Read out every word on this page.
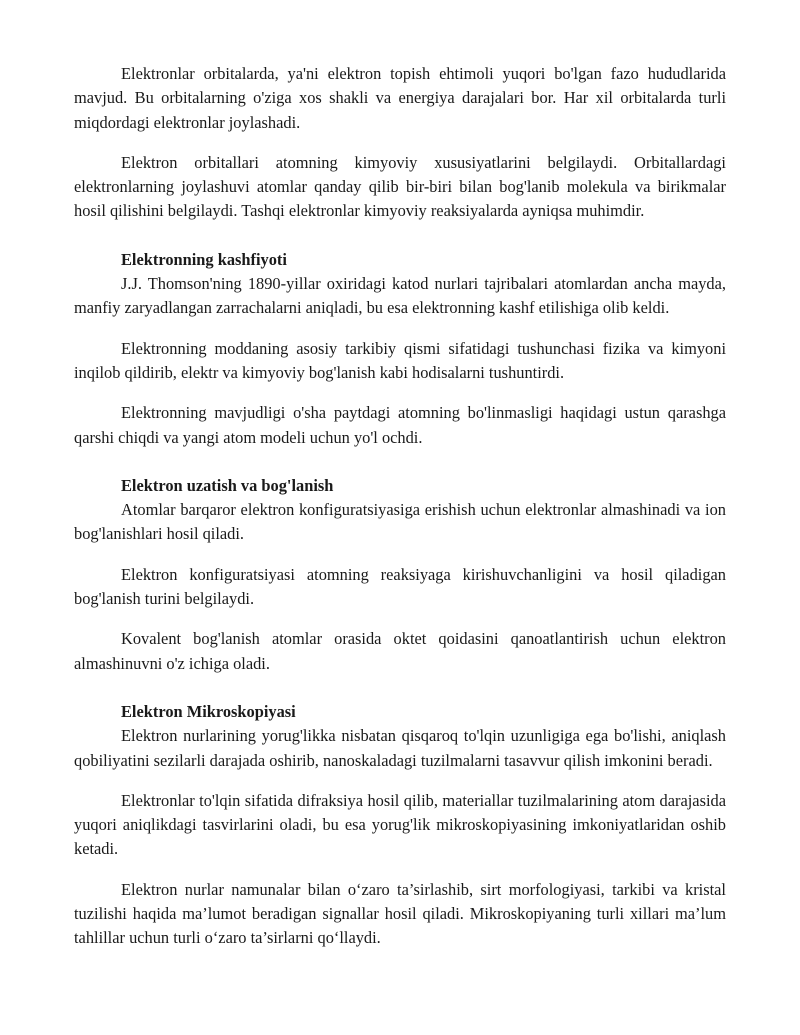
Elektronlar orbitalarda, ya'ni elektron topish ehtimoli yuqori bo'lgan fazo hududlarida mavjud. Bu orbitalarning o'ziga xos shakli va energiya darajalari bor. Har xil orbitalarda turli miqdordagi elektronlar joylashadi.

Elektron orbitallari atomning kimyoviy xususiyatlarini belgilaydi. Orbitallardagi elektronlarning joylashuvi atomlar qanday qilib bir-biri bilan bog'lanib molekula va birikmalar hosil qilishini belgilaydi. Tashqi elektronlar kimyoviy reaksiyalarda ayniqsa muhimdir.

Elektronning kashfiyoti

J.J. Thomson'ning 1890-yillar oxiridagi katod nurlari tajribalari atomlardan ancha mayda, manfiy zaryadlangan zarrachalarni aniqladi, bu esa elektronning kashf etilishiga olib keldi.

Elektronning moddaning asosiy tarkibiy qismi sifatidagi tushunchasi fizika va kimyoni inqilob qildirib, elektr va kimyoviy bog'lanish kabi hodisalarni tushuntirdi.

Elektronning mavjudligi o'sha paytdagi atomning bo'linmasligi haqidagi ustun qarashga qarshi chiqdi va yangi atom modeli uchun yo'l ochdi.

Elektron uzatish va bog'lanish

Atomlar barqaror elektron konfiguratsiyasiga erishish uchun elektronlar almashinadi va ion bog'lanishlari hosil qiladi.

Elektron konfiguratsiyasi atomning reaksiyaga kirishuvchanligini va hosil qiladigan bog'lanish turini belgilaydi.

Kovalent bog'lanish atomlar orasida oktet qoidasini qanoatlantirish uchun elektron almashinuvni o'z ichiga oladi.

Elektron Mikroskopiyasi

Elektron nurlarining yorug'likka nisbatan qisqaroq to'lqin uzunligiga ega bo'lishi, aniqlash qobiliyatini sezilarli darajada oshirib, nanoskaladagi tuzilmalarni tasavvur qilish imkonini beradi.

Elektronlar to'lqin sifatida difraksiya hosil qilib, materiallar tuzilmalarining atom darajasida yuqori aniqlikdagi tasvirlarini oladi, bu esa yorug'lik mikroskopiyasining imkoniyatlaridan oshib ketadi.

Elektron nurlar namunalar bilan o‘zaro ta’sirlashib, sirt morfologiyasi, tarkibi va kristal tuzilishi haqida ma’lumot beradigan signallar hosil qiladi. Mikroskopiyaning turli xillari ma’lum tahlillar uchun turli o‘zaro ta’sirlarni qo‘llaydi.
